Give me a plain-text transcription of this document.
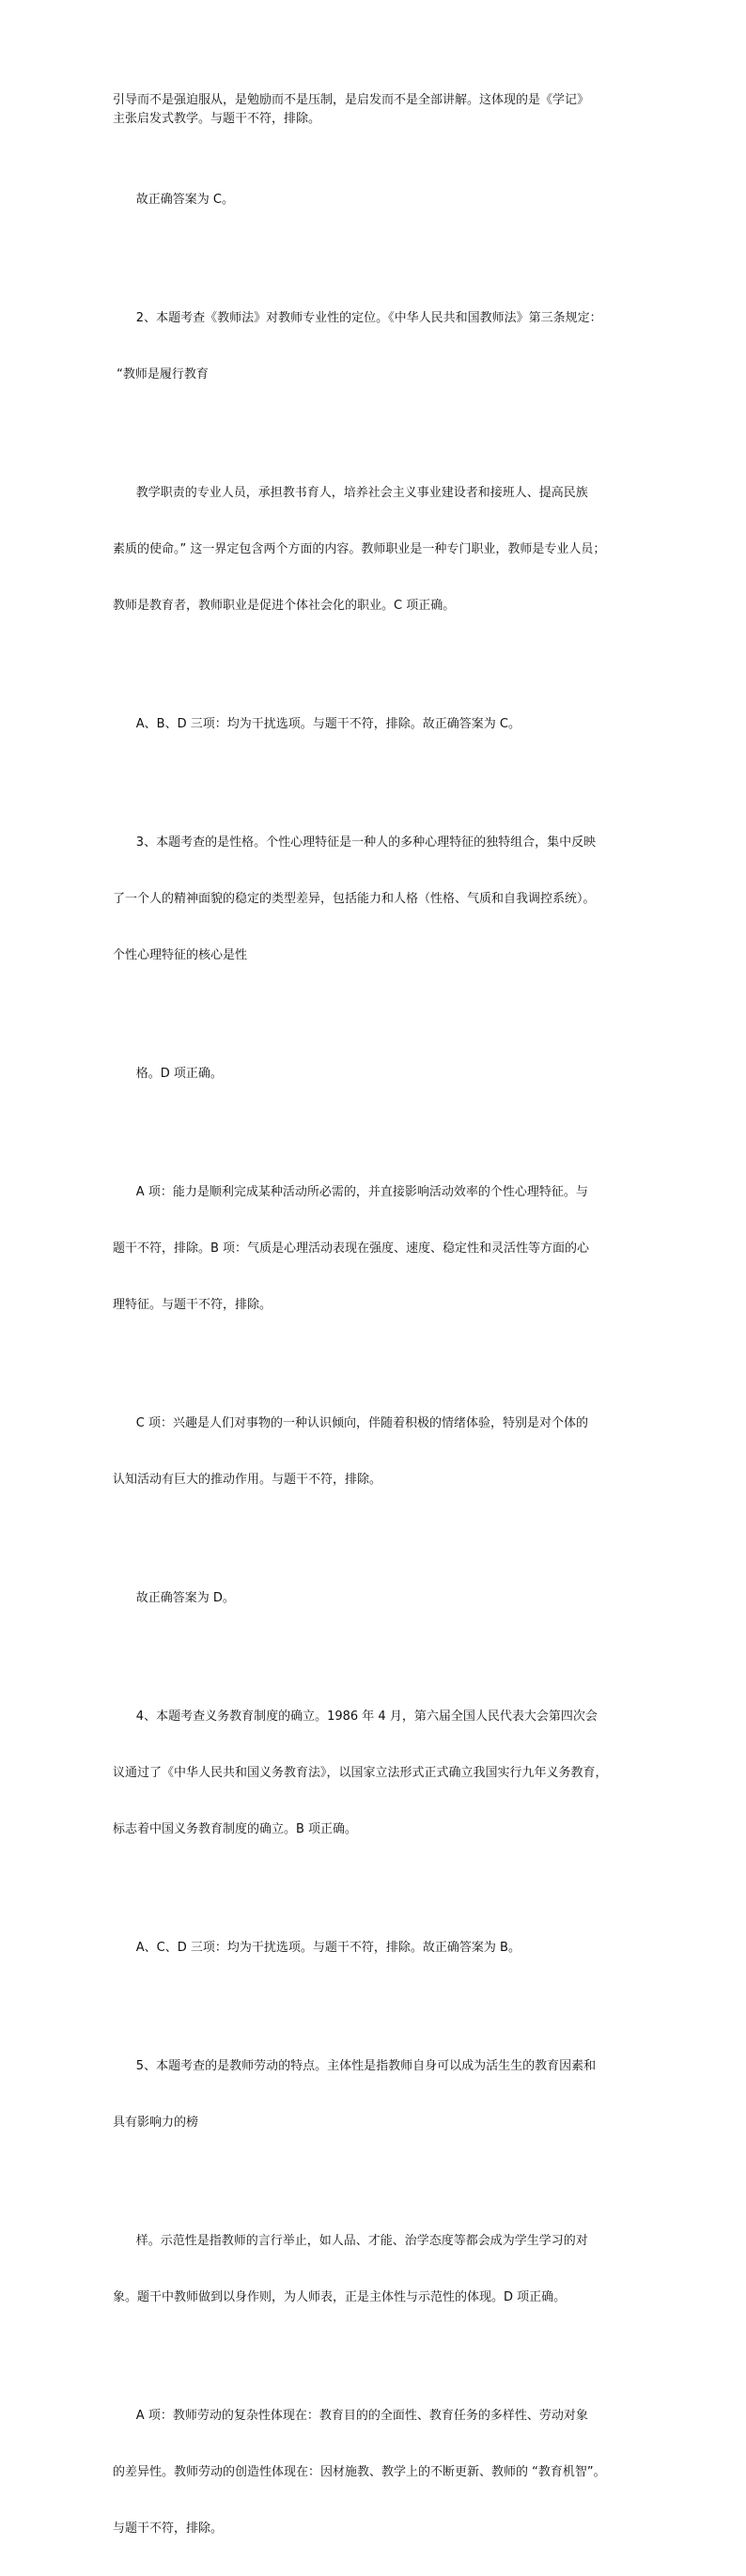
引导而不是强迫服从，是勉励而不是压制，是启发而不是全部讲解。这体现的是《学记》
主张启发式教学。与题干不符，排除。

故正确答案为 C。

2、本题考查《教师法》对教师专业性的定位。《中华人民共和国教师法》第三条规定：

“教师是履行教育

教学职责的专业人员，承担教书育人，培养社会主义事业建设者和接班人、提高民族

素质的使命。” 这一界定包含两个方面的内容。教师职业是一种专门职业，教师是专业人员；

教师是教育者，教师职业是促进个体社会化的职业。C 项正确。

A、B、D 三项：均为干扰选项。与题干不符，排除。故正确答案为 C。

3、本题考查的是性格。个性心理特征是一种人的多种心理特征的独特组合，集中反映

了一个人的精神面貌的稳定的类型差异，包括能力和人格（性格、气质和自我调控系统）。

个性心理特征的核心是性

格。D 项正确。

A 项：能力是顺利完成某种活动所必需的，并直接影响活动效率的个性心理特征。与

题干不符，排除。B 项：气质是心理活动表现在强度、速度、稳定性和灵活性等方面的心

理特征。与题干不符，排除。

C 项：兴趣是人们对事物的一种认识倾向，伴随着积极的情绪体验，特别是对个体的

认知活动有巨大的推动作用。与题干不符，排除。

故正确答案为 D。

4、本题考查义务教育制度的确立。1986 年 4 月，第六届全国人民代表大会第四次会

议通过了《中华人民共和国义务教育法》，以国家立法形式正式确立我国实行九年义务教育，

标志着中国义务教育制度的确立。B 项正确。

A、C、D 三项：均为干扰选项。与题干不符，排除。故正确答案为 B。

5、本题考查的是教师劳动的特点。主体性是指教师自身可以成为活生生的教育因素和

具有影响力的榜

样。示范性是指教师的言行举止，如人品、才能、治学态度等都会成为学生学习的对

象。题干中教师做到以身作则，为人师表，正是主体性与示范性的体现。D 项正确。

A 项：教师劳动的复杂性体现在：教育目的的全面性、教育任务的多样性、劳动对象

的差异性。教师劳动的创造性体现在：因材施教、教学上的不断更新、教师的 “教育机智”。

与题干不符，排除。
